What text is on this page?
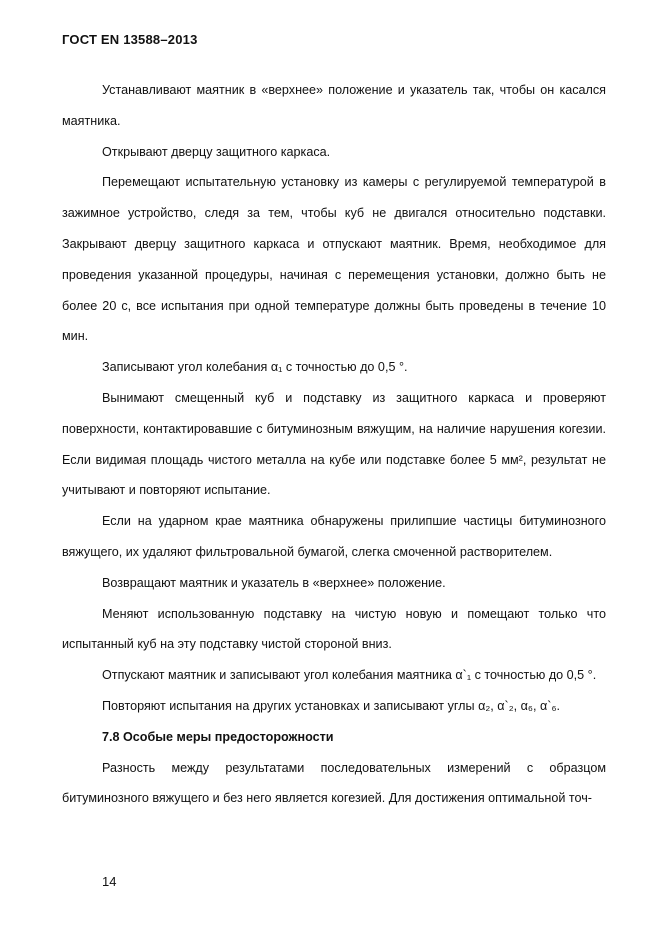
ГОСТ EN 13588–2013

Устанавливают маятник в «верхнее» положение и указатель так, чтобы он касался маятника.

Открывают дверцу защитного каркаса.

Перемещают испытательную установку из камеры с регулируемой температурой в зажимное устройство, следя за тем, чтобы куб не двигался относительно подставки. Закрывают дверцу защитного каркаса и отпускают маятник. Время, необходимое для проведения указанной процедуры, начиная с перемещения установки, должно быть не более 20 с, все испытания при одной температуре должны быть проведены в течение 10 мин.

Записывают угол колебания α₁ с точностью до 0,5 °.

Вынимают смещенный куб и подставку из защитного каркаса и проверяют поверхности, контактировавшие с битуминозным вяжущим, на наличие нарушения когезии. Если видимая площадь чистого металла на кубе или подставке более 5 мм², результат не учитывают и повторяют испытание.

Если на ударном крае маятника обнаружены прилипшие частицы битуминозного вяжущего, их удаляют фильтровальной бумагой, слегка смоченной растворителем.

Возвращают маятник и указатель в «верхнее» положение.

Меняют использованную подставку на чистую новую и помещают только что испытанный куб на эту подставку чистой стороной вниз.

Отпускают маятник и записывают угол колебания маятника α`₁ с точностью до 0,5 °.

Повторяют испытания на других установках и записывают углы α₂, α`₂, α₆, α`₆.

7.8 Особые меры предосторожности

Разность между результатами последовательных измерений с образцом битуминозного вяжущего и без него является когезией. Для достижения оптимальной точ-

14
